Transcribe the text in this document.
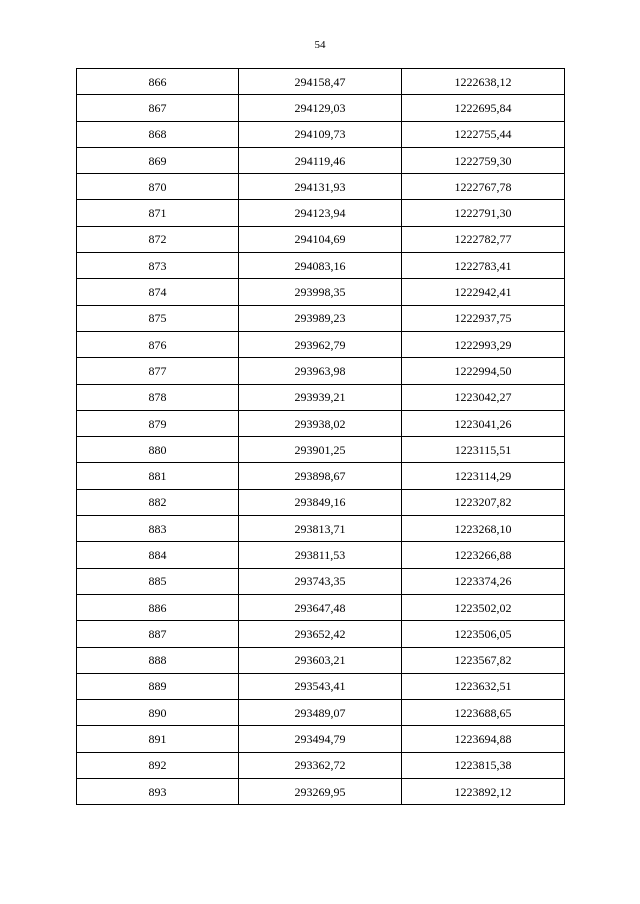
54
866	294158,47	1222638,12
867	294129,03	1222695,84
868	294109,73	1222755,44
869	294119,46	1222759,30
870	294131,93	1222767,78
871	294123,94	1222791,30
872	294104,69	1222782,77
873	294083,16	1222783,41
874	293998,35	1222942,41
875	293989,23	1222937,75
876	293962,79	1222993,29
877	293963,98	1222994,50
878	293939,21	1223042,27
879	293938,02	1223041,26
880	293901,25	1223115,51
881	293898,67	1223114,29
882	293849,16	1223207,82
883	293813,71	1223268,10
884	293811,53	1223266,88
885	293743,35	1223374,26
886	293647,48	1223502,02
887	293652,42	1223506,05
888	293603,21	1223567,82
889	293543,41	1223632,51
890	293489,07	1223688,65
891	293494,79	1223694,88
892	293362,72	1223815,38
893	293269,95	1223892,12
